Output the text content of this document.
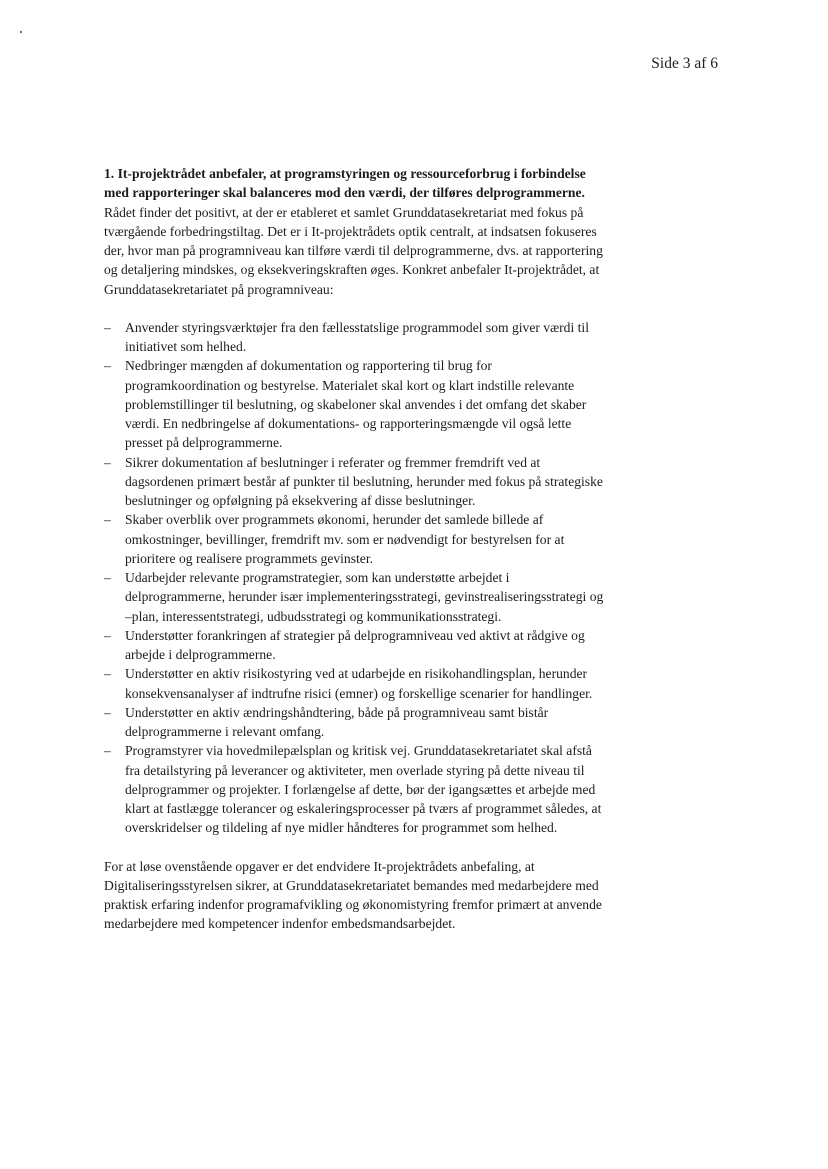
Side 3 af 6

1. It-projektrådet anbefaler, at programstyringen og ressourceforbrug i forbindelse med rapporteringer skal balanceres mod den værdi, der tilføres delprogrammerne. Rådet finder det positivt, at der er etableret et samlet Grunddatasekretariat med fokus på tværgående forbedringstiltag. Det er i It-projektrådets optik centralt, at indsatsen fokuseres der, hvor man på programniveau kan tilføre værdi til delprogrammerne, dvs. at rapportering og detaljering mindskes, og eksekveringskraften øges. Konkret anbefaler It-projektrådet, at Grunddatasekretariatet på programniveau:

– Anvender styringsværktøjer fra den fællesstatslige programmodel som giver værdi til initiativet som helhed.
– Nedbringer mængden af dokumentation og rapportering til brug for programkoordination og bestyrelse. Materialet skal kort og klart indstille relevante problemstillinger til beslutning, og skabeloner skal anvendes i det omfang det skaber værdi. En nedbringelse af dokumentations- og rapporteringsmængde vil også lette presset på delprogrammerne.
– Sikrer dokumentation af beslutninger i referater og fremmer fremdrift ved at dagsordenen primært består af punkter til beslutning, herunder med fokus på strategiske beslutninger og opfølgning på eksekvering af disse beslutninger.
– Skaber overblik over programmets økonomi, herunder det samlede billede af omkostninger, bevillinger, fremdrift mv. som er nødvendigt for bestyrelsen for at prioritere og realisere programmets gevinster.
– Udarbejder relevante programstrategier, som kan understøtte arbejdet i delprogrammerne, herunder især implementeringsstrategi, gevinstrealiseringsstrategi og –plan, interessentstrategi, udbudsstrategi og kommunikationsstrategi.
– Understøtter forankringen af strategier på delprogramniveau ved aktivt at rådgive og arbejde i delprogrammerne.
– Understøtter en aktiv risikostyring ved at udarbejde en risikohandlingsplan, herunder konsekvensanalyser af indtrufne risici (emner) og forskellige scenarier for handlinger.
– Understøtter en aktiv ændringshåndtering, både på programniveau samt bistår delprogrammerne i relevant omfang.
– Programstyrer via hovedmilepælsplan og kritisk vej. Grunddatasekretariatet skal afstå fra detailstyring på leverancer og aktiviteter, men overlade styring på dette niveau til delprogrammer og projekter. I forlængelse af dette, bør der igangsættes et arbejde med klart at fastlægge tolerancer og eskaleringsprocesser på tværs af programmet således, at overskridelser og tildeling af nye midler håndteres for programmet som helhed.

For at løse ovenstående opgaver er det endvidere It-projektrådets anbefaling, at Digitaliseringsstyrelsen sikrer, at Grunddatasekretariatet bemandes med medarbejdere med praktisk erfaring indenfor programafvikling og økonomistyring fremfor primært at anvende medarbejdere med kompetencer indenfor embedsmandsarbejdet.
